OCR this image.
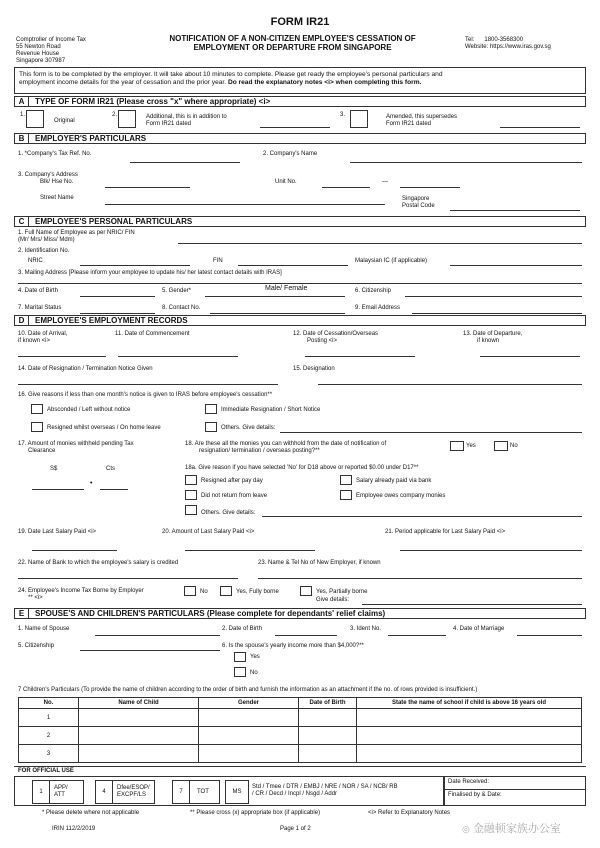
FORM IR21
Comptroller of Income Tax
55 Newton Road
Revenue House
Singapore 307987
NOTIFICATION OF A NON-CITIZEN EMPLOYEE'S CESSATION OF
EMPLOYMENT OR DEPARTURE FROM SINGAPORE
Tel: 1800-3568300
Website: https://www.iras.gov.sg
This form is to be completed by the employer. It will take about 10 minutes to complete. Please get ready the employee's personal particulars and
employment income details for the year of cessation and the prior year. Do read the explanatory notes <i> when completing this form.
A	TYPE OF FORM IR21 (Please cross "x" where appropriate) <i>
1.
Original
2.	Additional, this is in addition to
Form IR21 dated
3.	Amended, this supersedes
Form IR21 dated
B	EMPLOYER'S PARTICULARS
1. *Company's Tax Ref. No.	2. Company's Name
3. Company's Address
Blk/ Hse No.	Unit No.	—
Street Name	Singapore
Postal Code
C	EMPLOYEE'S PERSONAL PARTICULARS
1. Full Name of Employee as per NRIC/ FIN
(Mr/ Mrs/ Miss/ Mdm)
2. Identification No.
NRIC	FIN	Malaysian IC (if applicable)
3. Mailing Address [Please inform your employee to update his/ her latest contact details with IRAS]
4. Date of Birth	5. Gender*	Male/ Female	6. Citizenship
7. Marital Status	8. Contact No.	9. Email Address
D	EMPLOYEE'S EMPLOYMENT RECORDS
10. Date of Arrival,
if known <i>
11. Date of Commencement	12. Date of Cessation/Overseas
Posting <i>
13. Date of Departure,
if known
14. Date of Resignation / Termination Notice Given	15. Designation
16. Give reasons if less than one month's notice is given to IRAS before employee's cessation**
Absconded / Left without notice	Immediate Resignation / Short Notice
Resigned whilst overseas / On home leave	Others. Give details:
17. Amount of monies withheld pending Tax
Clearance
S$	Cts
•
18. Are these all the monies you can withhold from the date of notification of
resignation/ termination / overseas posting?**
Yes	No
18a. Give reason if you have selected 'No' for D18 above or reported $0.00 under D17**
Resigned after pay day	Salary already paid via bank
Did not return from leave	Employee owes company monies
Others. Give details:
19. Date Last Salary Paid <i>	20. Amount of Last Salary Paid <i>	21. Period applicable for Last Salary Paid <i>
22. Name of Bank to which the employee's salary is credited	23. Name & Tel No of New Employer, if known
24. Employee's Income Tax Borne by Employer
** <i>
No	Yes, Fully borne	Yes, Partially borne
Give details:
E	SPOUSE'S AND CHILDREN'S PARTICULARS (Please complete for dependants' relief claims)
1. Name of Spouse	2. Date of Birth	3. Ident No.	4. Date of Marriage
5. Citizenship	6. Is the spouse's yearly income more than $4,000?**
Yes
No
7 Children's Particulars (To provide the name of children according to the order of birth and furnish the information as an attachment if the no. of rows provided is insufficient.)
No.	Name of Child	Gender	Date of Birth	State the name of school if child is above 16 years old
1				
2				
3				
FOR OFFICIAL USE
1
APP/
ATT	4
Dfee/ESOP/
EXCPF/LS	7	TOT	MS
Std / Tmee / DTR / EMBJ / NRE / NOR / SA / NCB/ RB
/ CR / Decd / Incpl / Nsgd / Addr
Date Received:
Finalised by & Date:
* Please delete where not applicable	** Please cross (x) appropriate box (if applicable)	<i> Refer to Explanatory Notes
IRIN 112/2/2019	Page 1 of 2	◎ 金融顿家族办公室
